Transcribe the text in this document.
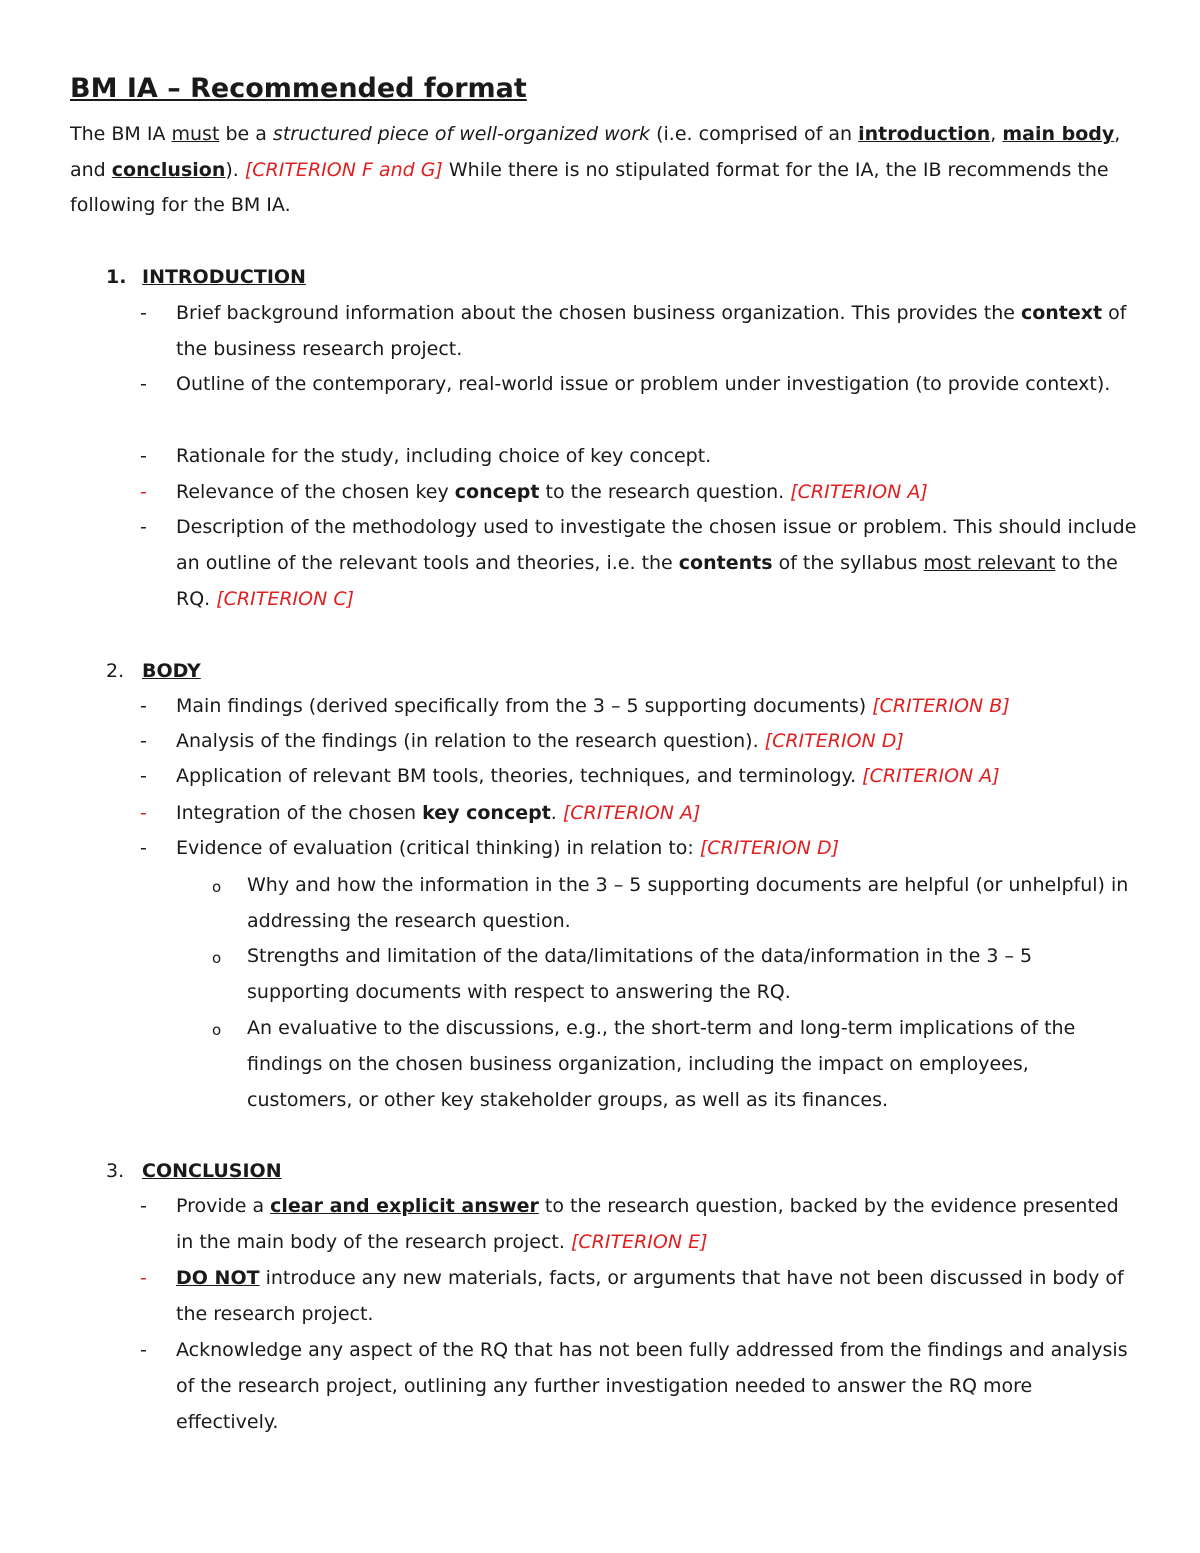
BM IA – Recommended format

The BM IA must be a structured piece of well-organized work (i.e. comprised of an introduction, main body, and conclusion). [CRITERION F and G] While there is no stipulated format for the IA, the IB recommends the following for the BM IA.

1. INTRODUCTION
-	Brief background information about the chosen business organization. This provides the context of the business research project.
-	Outline of the contemporary, real-world issue or problem under investigation (to provide context).
-	Rationale for the study, including choice of key concept.
-	Relevance of the chosen key concept to the research question. [CRITERION A]
-	Description of the methodology used to investigate the chosen issue or problem. This should include an outline of the relevant tools and theories, i.e. the contents of the syllabus most relevant to the RQ. [CRITERION C]
2. BODY
-	Main findings (derived specifically from the 3 – 5 supporting documents) [CRITERION B]
-	Analysis of the findings (in relation to the research question). [CRITERION D]
-	Application of relevant BM tools, theories, techniques, and terminology. [CRITERION A]
-	Integration of the chosen key concept. [CRITERION A]
-	Evidence of evaluation (critical thinking) in relation to: [CRITERION D]
o Why and how the information in the 3 – 5 supporting documents are helpful (or unhelpful) in addressing the research question.
o Strengths and limitation of the data/limitations of the data/information in the 3 – 5 supporting documents with respect to answering the RQ.
o An evaluative to the discussions, e.g., the short-term and long-term implications of the findings on the chosen business organization, including the impact on employees, customers, or other key stakeholder groups, as well as its finances.
3. CONCLUSION
-	Provide a clear and explicit answer to the research question, backed by the evidence presented in the main body of the research project. [CRITERION E]
-	DO NOT introduce any new materials, facts, or arguments that have not been discussed in body of the research project.
-	Acknowledge any aspect of the RQ that has not been fully addressed from the findings and analysis of the research project, outlining any further investigation needed to answer the RQ more effectively.
